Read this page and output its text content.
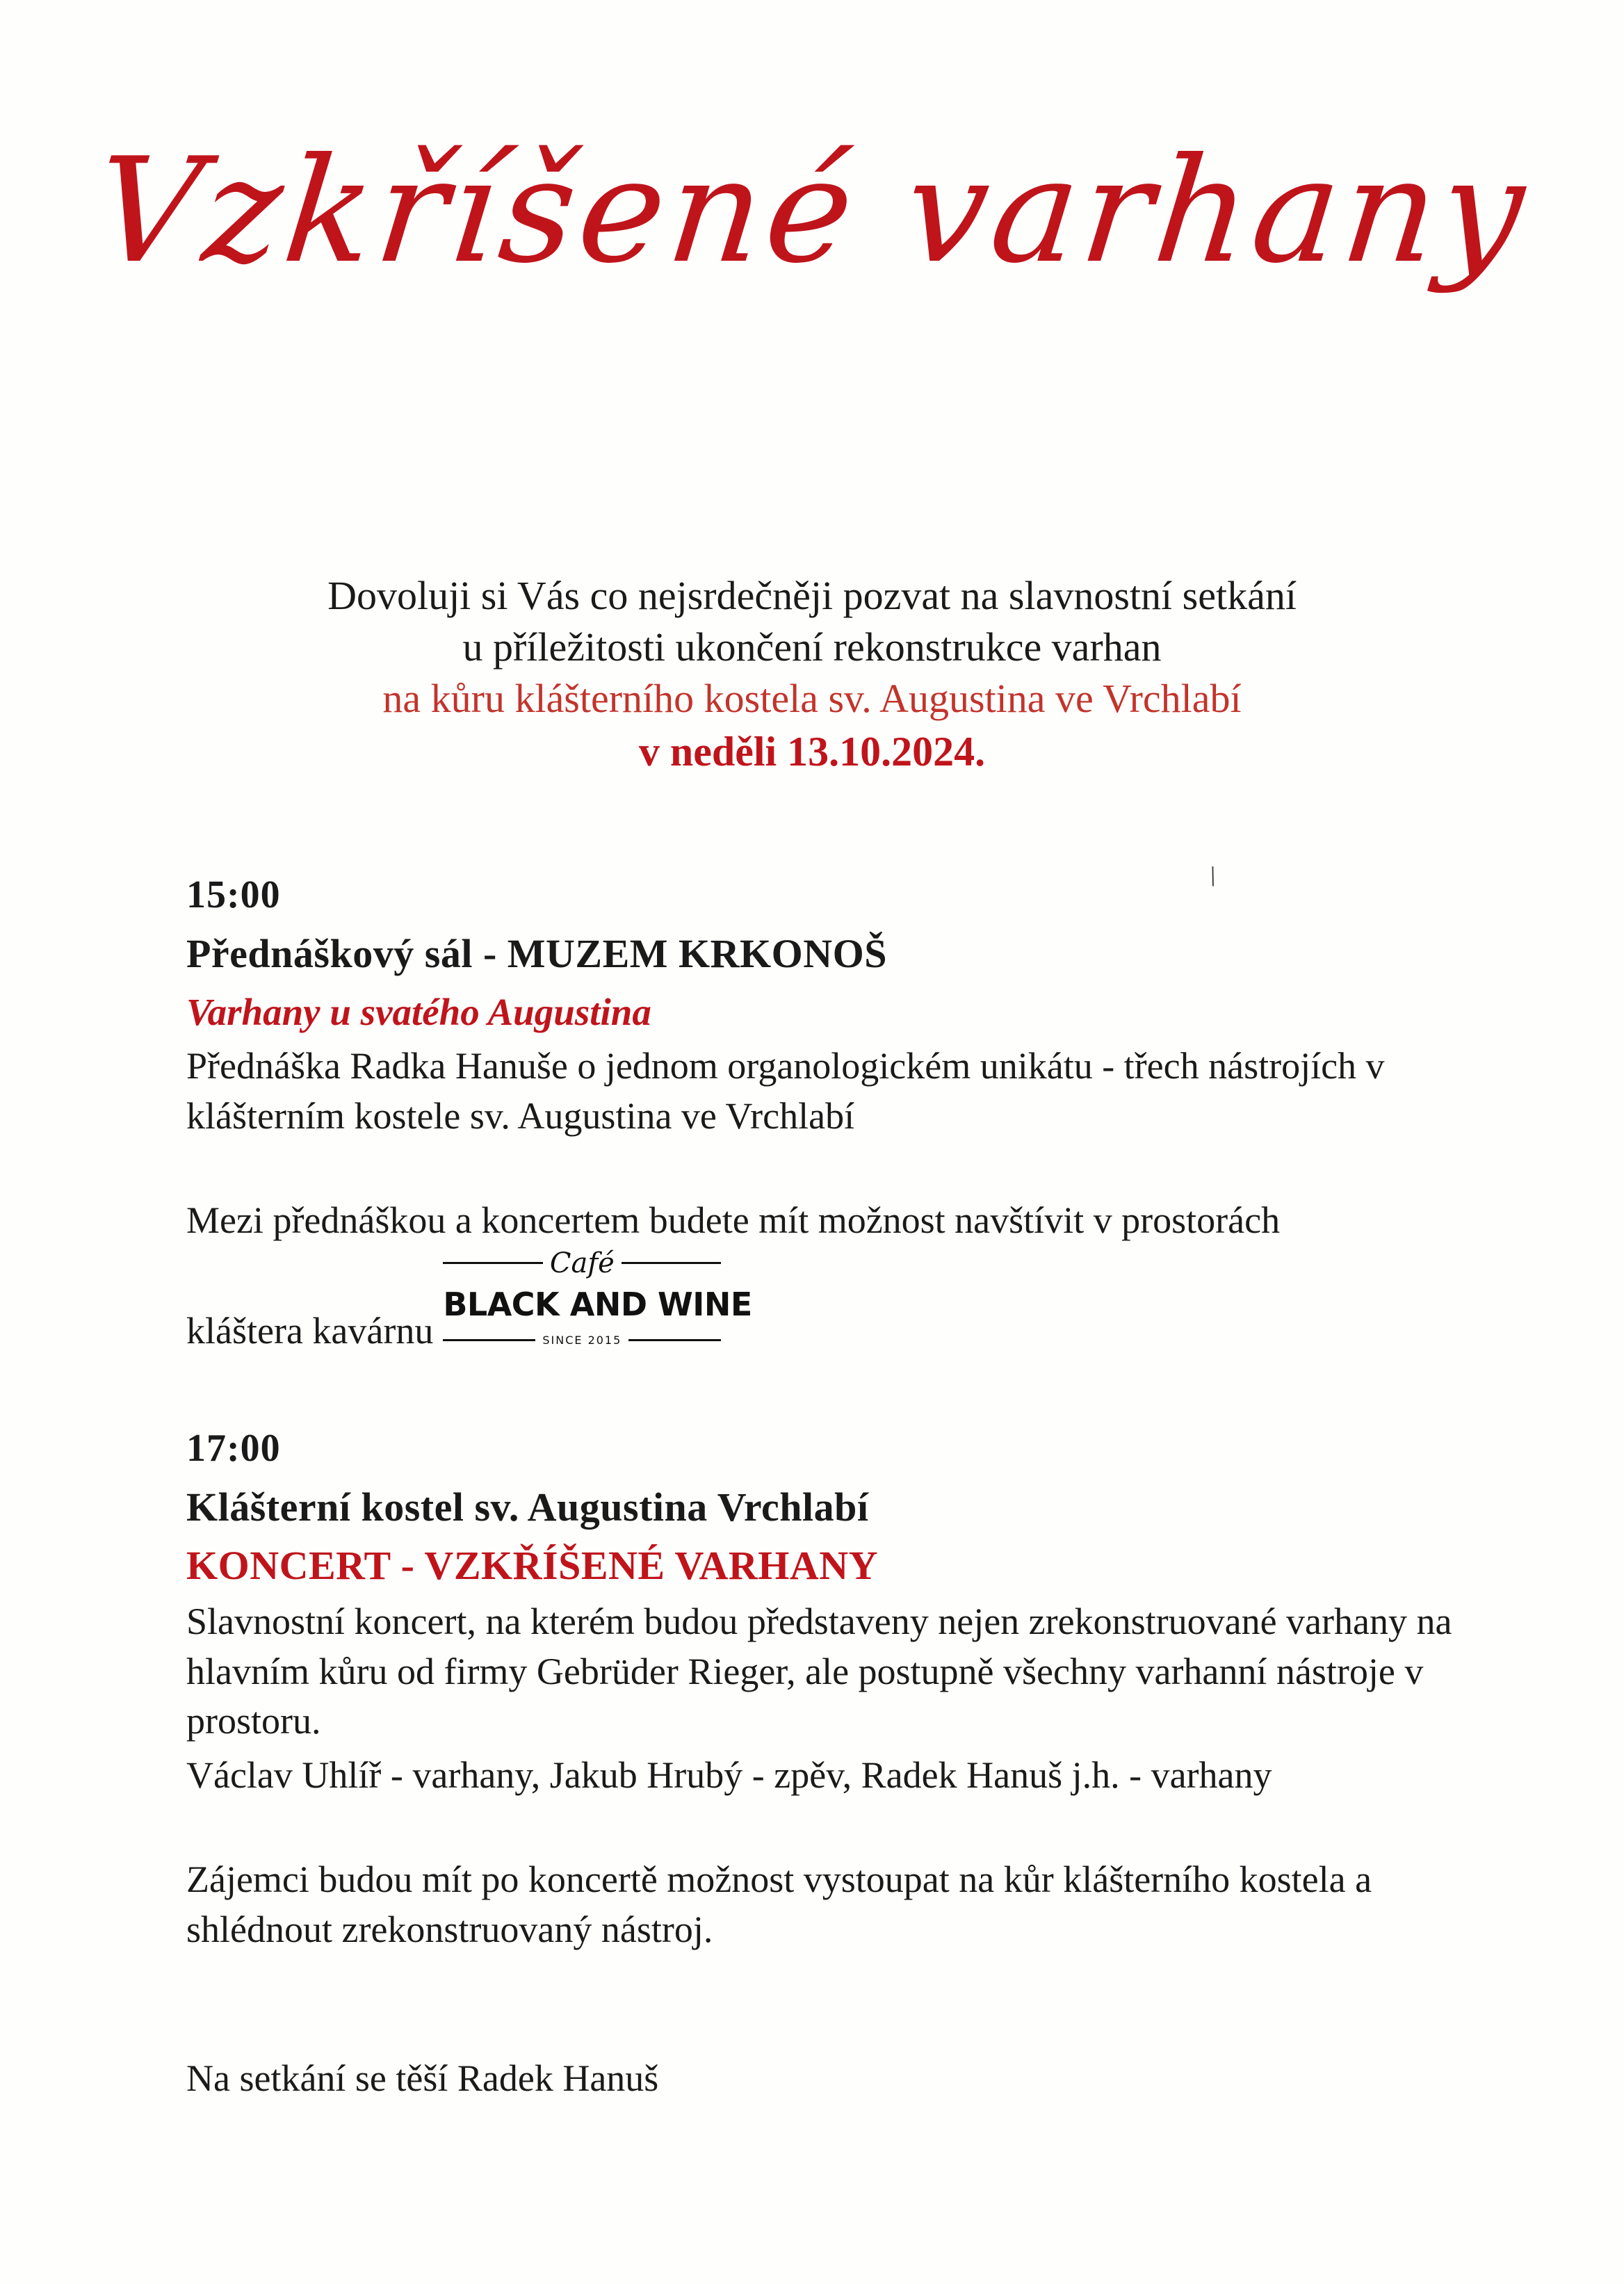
Vzkříšené varhany
Dovoluji si Vás co nejsrdečněji pozvat na slavnostní setkání
u příležitosti ukončení rekonstrukce varhan
na kůru klášterního kostela sv. Augustina ve Vrchlabí
v neděli 13.10.2024.
\
15:00
Přednáškový sál - MUZEM KRKONOŠ
Varhany u svatého Augustina
Přednáška Radka Hanuše o jednom organologickém unikátu - třech nástrojích v klášterním kostele sv. Augustina ve Vrchlabí
Mezi přednáškou a koncertem budete mít možnost navštívit v prostorách
kláštera kavárnu
Café
BLACK AND WINE
SINCE 2015
17:00
Klášterní kostel sv. Augustina Vrchlabí
KONCERT - VZKŘÍŠENÉ VARHANY
Slavnostní koncert, na kterém budou představeny nejen zrekonstruované varhany na hlavním kůru od firmy Gebrüder Rieger, ale postupně všechny varhanní nástroje v prostoru.
Václav Uhlíř - varhany, Jakub Hrubý - zpěv, Radek Hanuš j.h. - varhany
Zájemci budou mít po koncertě možnost vystoupat na kůr klášterního kostela a shlédnout zrekonstruovaný nástroj.
Na setkání se těší Radek Hanuš
